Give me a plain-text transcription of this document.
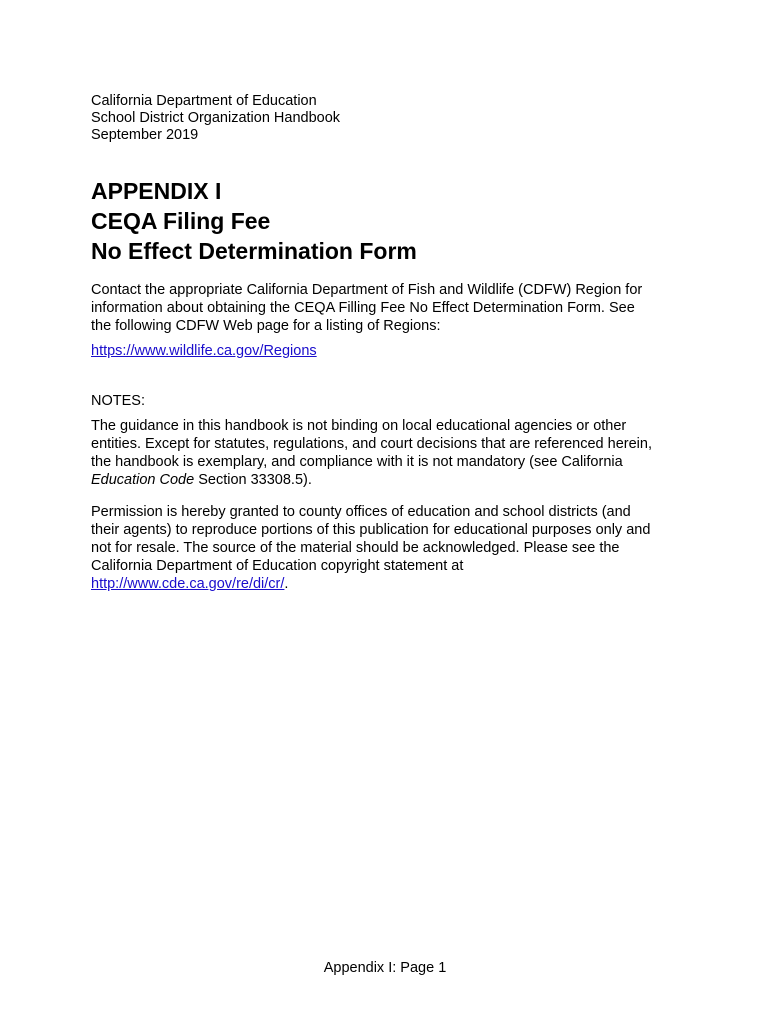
California Department of Education
School District Organization Handbook
September 2019
APPENDIX I
CEQA Filing Fee
No Effect Determination Form
Contact the appropriate California Department of Fish and Wildlife (CDFW) Region for
information about obtaining the CEQA Filling Fee No Effect Determination Form. See
the following CDFW Web page for a listing of Regions:
https://www.wildlife.ca.gov/Regions
NOTES:
The guidance in this handbook is not binding on local educational agencies or other
entities. Except for statutes, regulations, and court decisions that are referenced herein,
the handbook is exemplary, and compliance with it is not mandatory (see California
Education Code Section 33308.5).
Permission is hereby granted to county offices of education and school districts (and
their agents) to reproduce portions of this publication for educational purposes only and
not for resale. The source of the material should be acknowledged. Please see the
California Department of Education copyright statement at
http://www.cde.ca.gov/re/di/cr/.
Appendix I: Page 1
